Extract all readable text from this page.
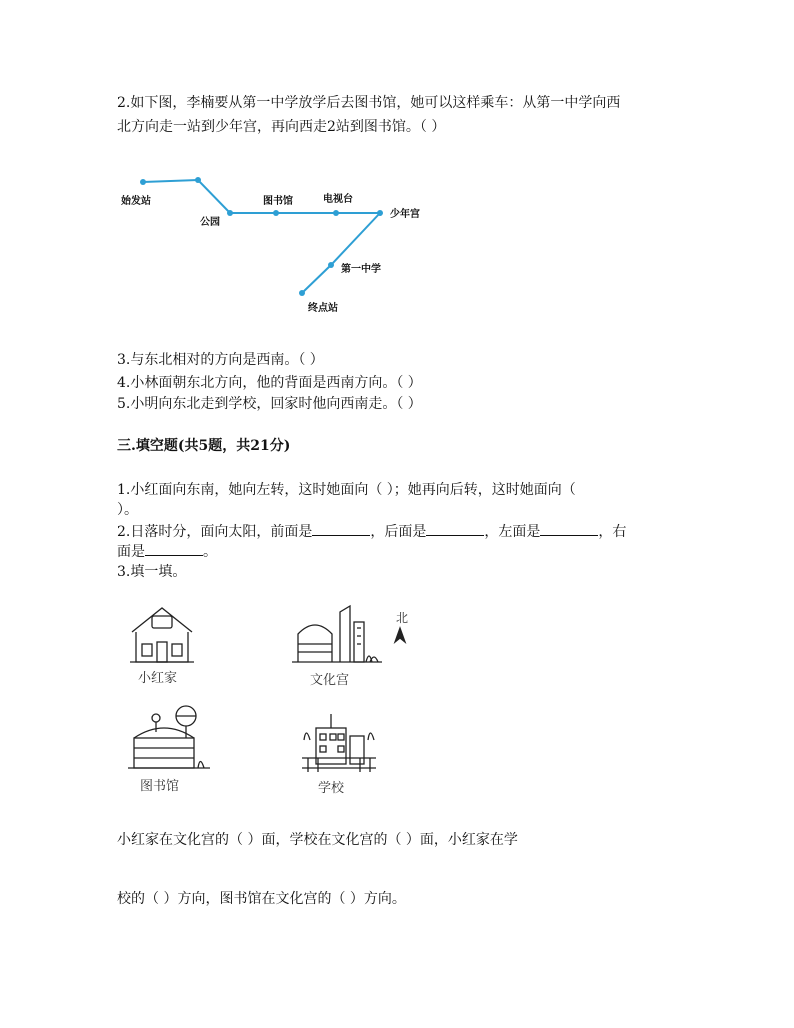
2.如下图，李楠要从第一中学放学后去图书馆，她可以这样乘车：从第一中学向西
北方向走一站到少年宫，再向西走2站到图书馆。（ ）
始发站
公园
图书馆	电视台
少年宫
第一中学
终点站
3.与东北相对的方向是西南。（ ）
4.小林面朝东北方向，他的背面是西南方向。（ ）
5.小明向东北走到学校，回家时他向西南走。（ ）
三.填空题(共5题，共21分)
1.小红面向东南，她向左转，这时她面向（ ）；她再向后转，这时她面向（
）。
2.日落时分，面向太阳，前面是	，后面是	，左面是	，右
面是	。
3.填一填。
小红家	文化宫
北
图书馆	学校
小红家在文化宫的（ ）面，学校在文化宫的（ ）面，小红家在学
校的（ ）方向，图书馆在文化宫的（ ）方向。
